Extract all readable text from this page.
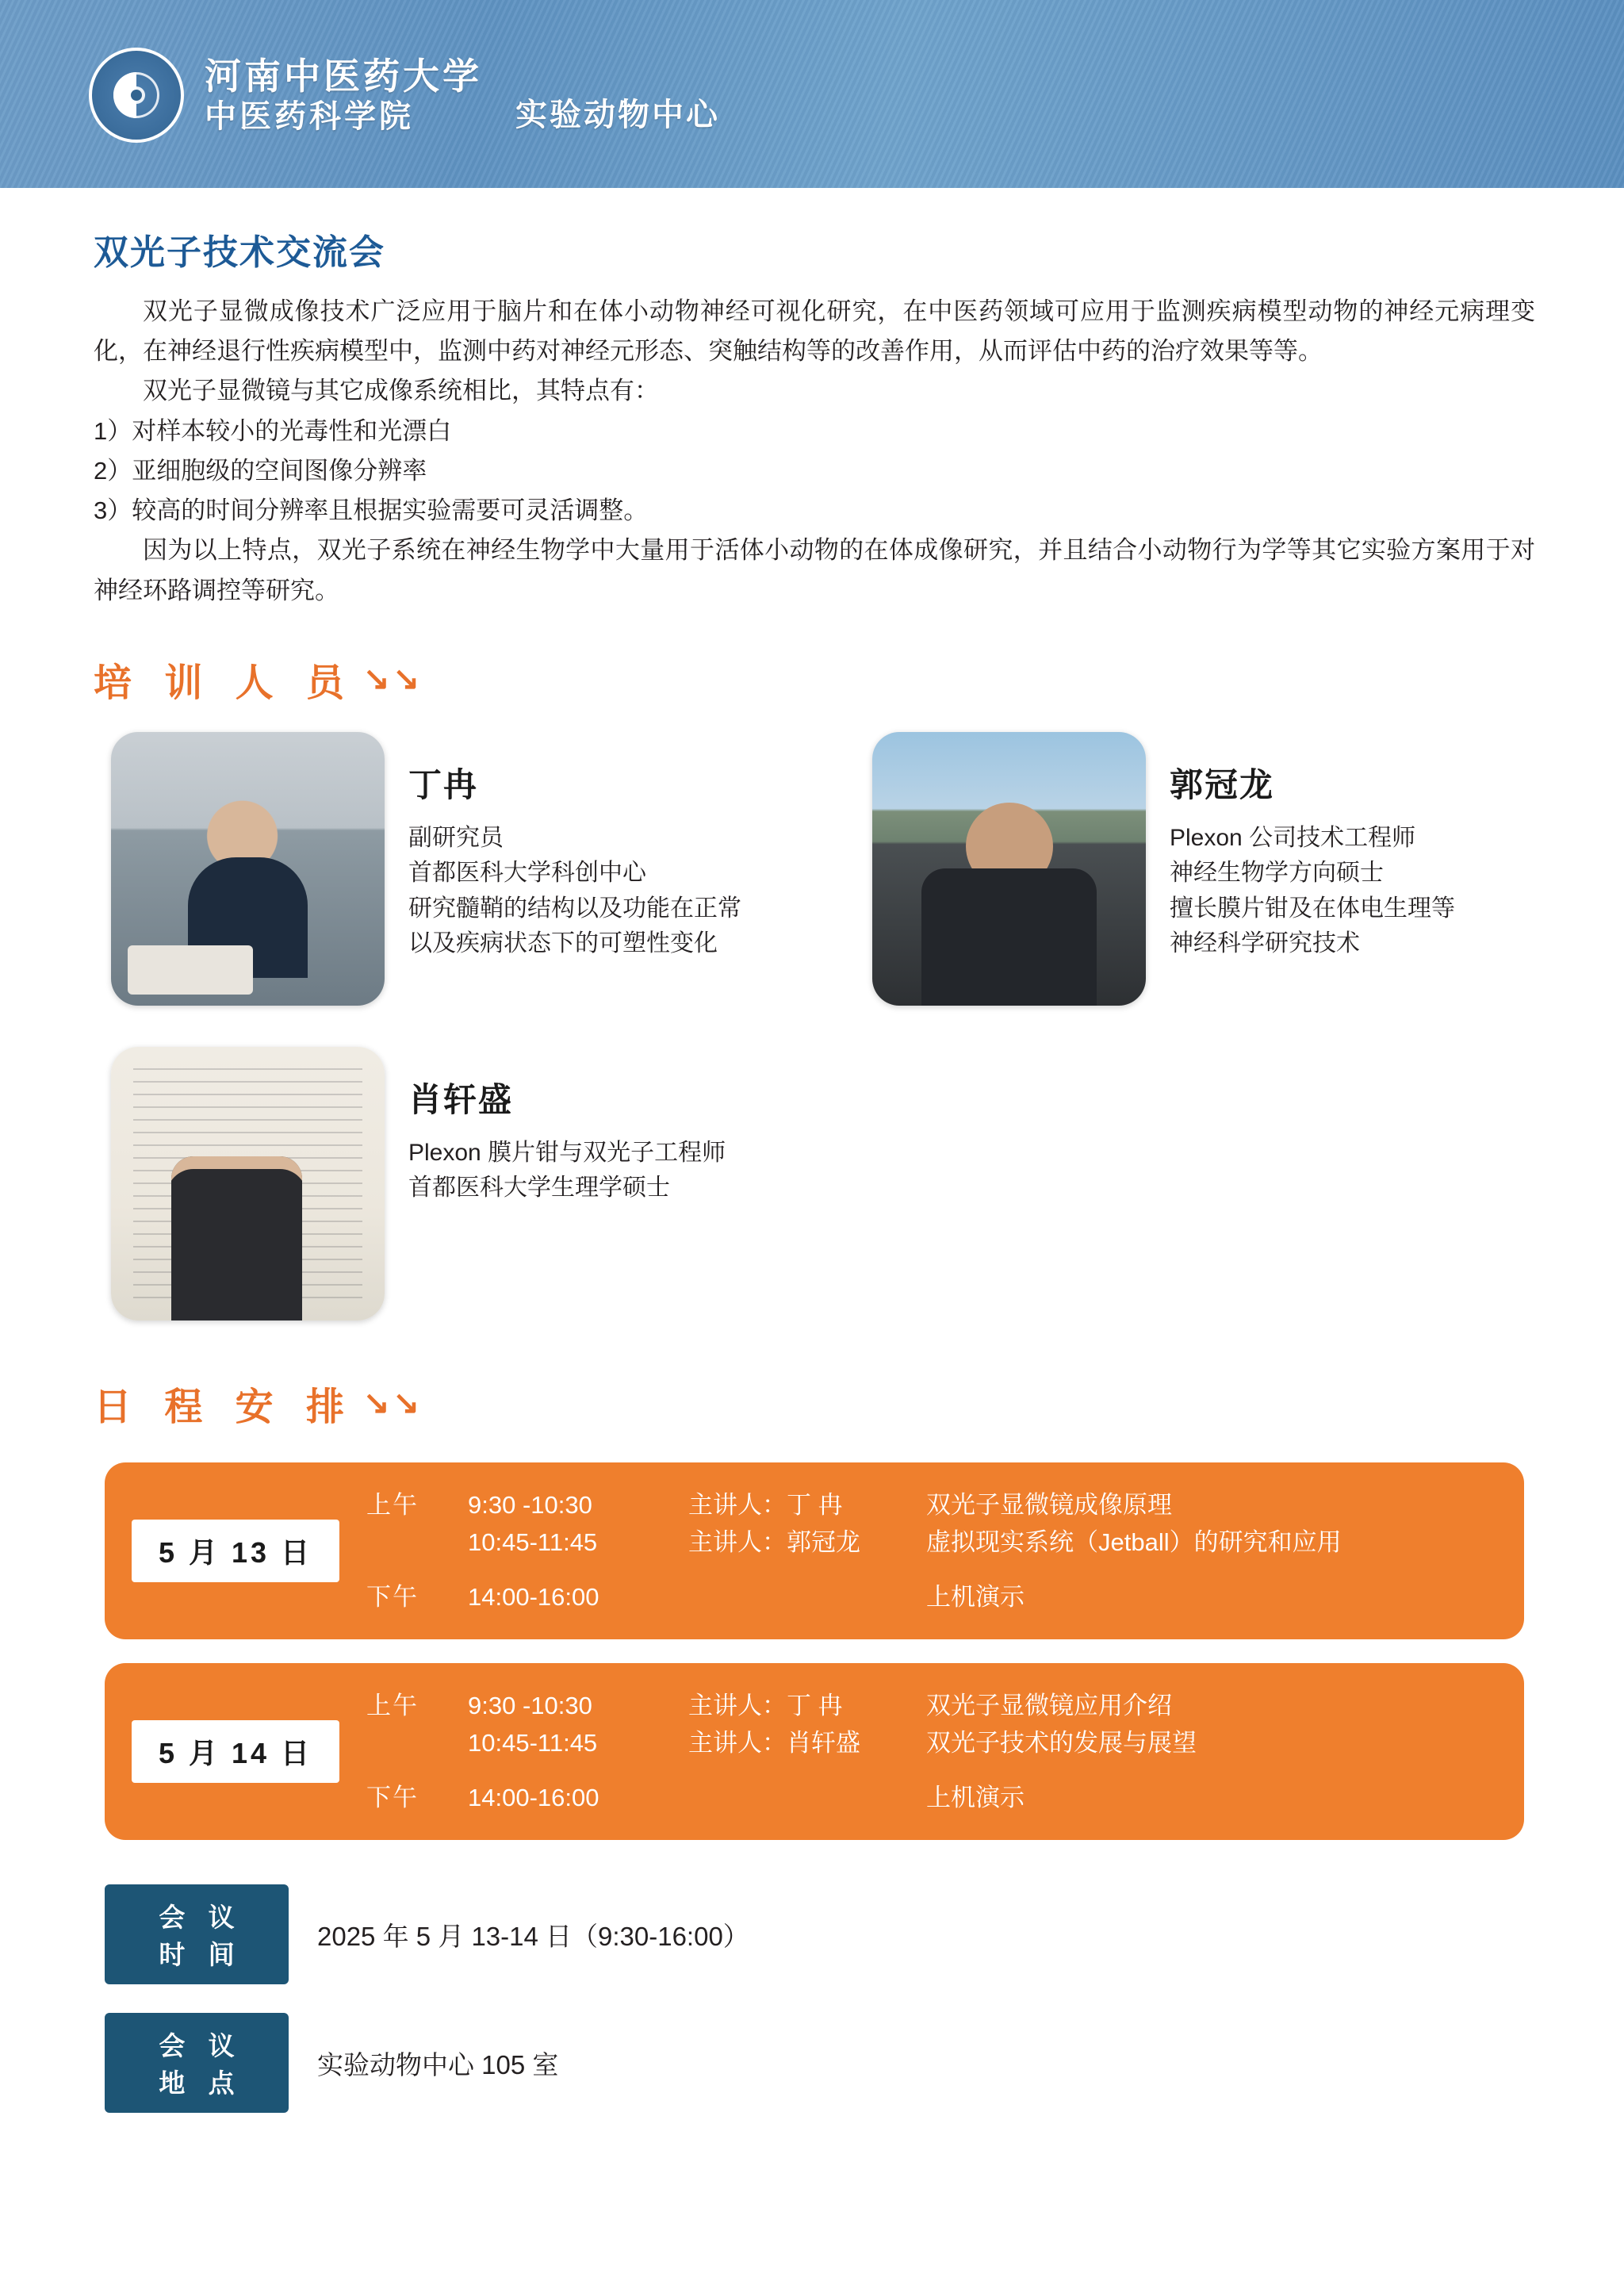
河南中医药大学
中医药科学院	实验动物中心
双光子技术交流会

双光子显微成像技术广泛应用于脑片和在体小动物神经可视化研究，在中医药领域可应用于监测疾病模型动物的神经元病理变化，在神经退行性疾病模型中，监测中药对神经元形态、突触结构等的改善作用，从而评估中药的治疗效果等等。

双光子显微镜与其它成像系统相比，其特点有：

1）对样本较小的光毒性和光漂白

2）亚细胞级的空间图像分辨率

3）较高的时间分辨率且根据实验需要可灵活调整。

因为以上特点，双光子系统在神经生物学中大量用于活体小动物的在体成像研究，并且结合小动物行为学等其它实验方案用于对神经环路调控等研究。

培 训 人 员 ↘↘
丁冉
副研究员
首都医科大学科创中心
研究髓鞘的结构以及功能在正常
以及疾病状态下的可塑性变化
郭冠龙
Plexon 公司技术工程师
神经生物学方向硕士
擅长膜片钳及在体电生理等
神经科学研究技术
肖轩盛
Plexon 膜片钳与双光子工程师
首都医科大学生理学硕士
日 程 安 排 ↘↘
5 月 13 日
上午	9:30 -10:30	主讲人：丁 冉	双光子显微镜成像原理
10:45-11:45	主讲人：郭冠龙	虚拟现实系统（Jetball）的研究和应用
下午	14:00-16:00	上机演示
5 月 14 日
上午	9:30 -10:30	主讲人：丁 冉	双光子显微镜应用介绍
10:45-11:45	主讲人：肖轩盛	双光子技术的发展与展望
下午	14:00-16:00	上机演示
会 议 时 间
2025 年 5 月 13-14 日（9:30-16:00）
会 议 地 点
实验动物中心 105 室
